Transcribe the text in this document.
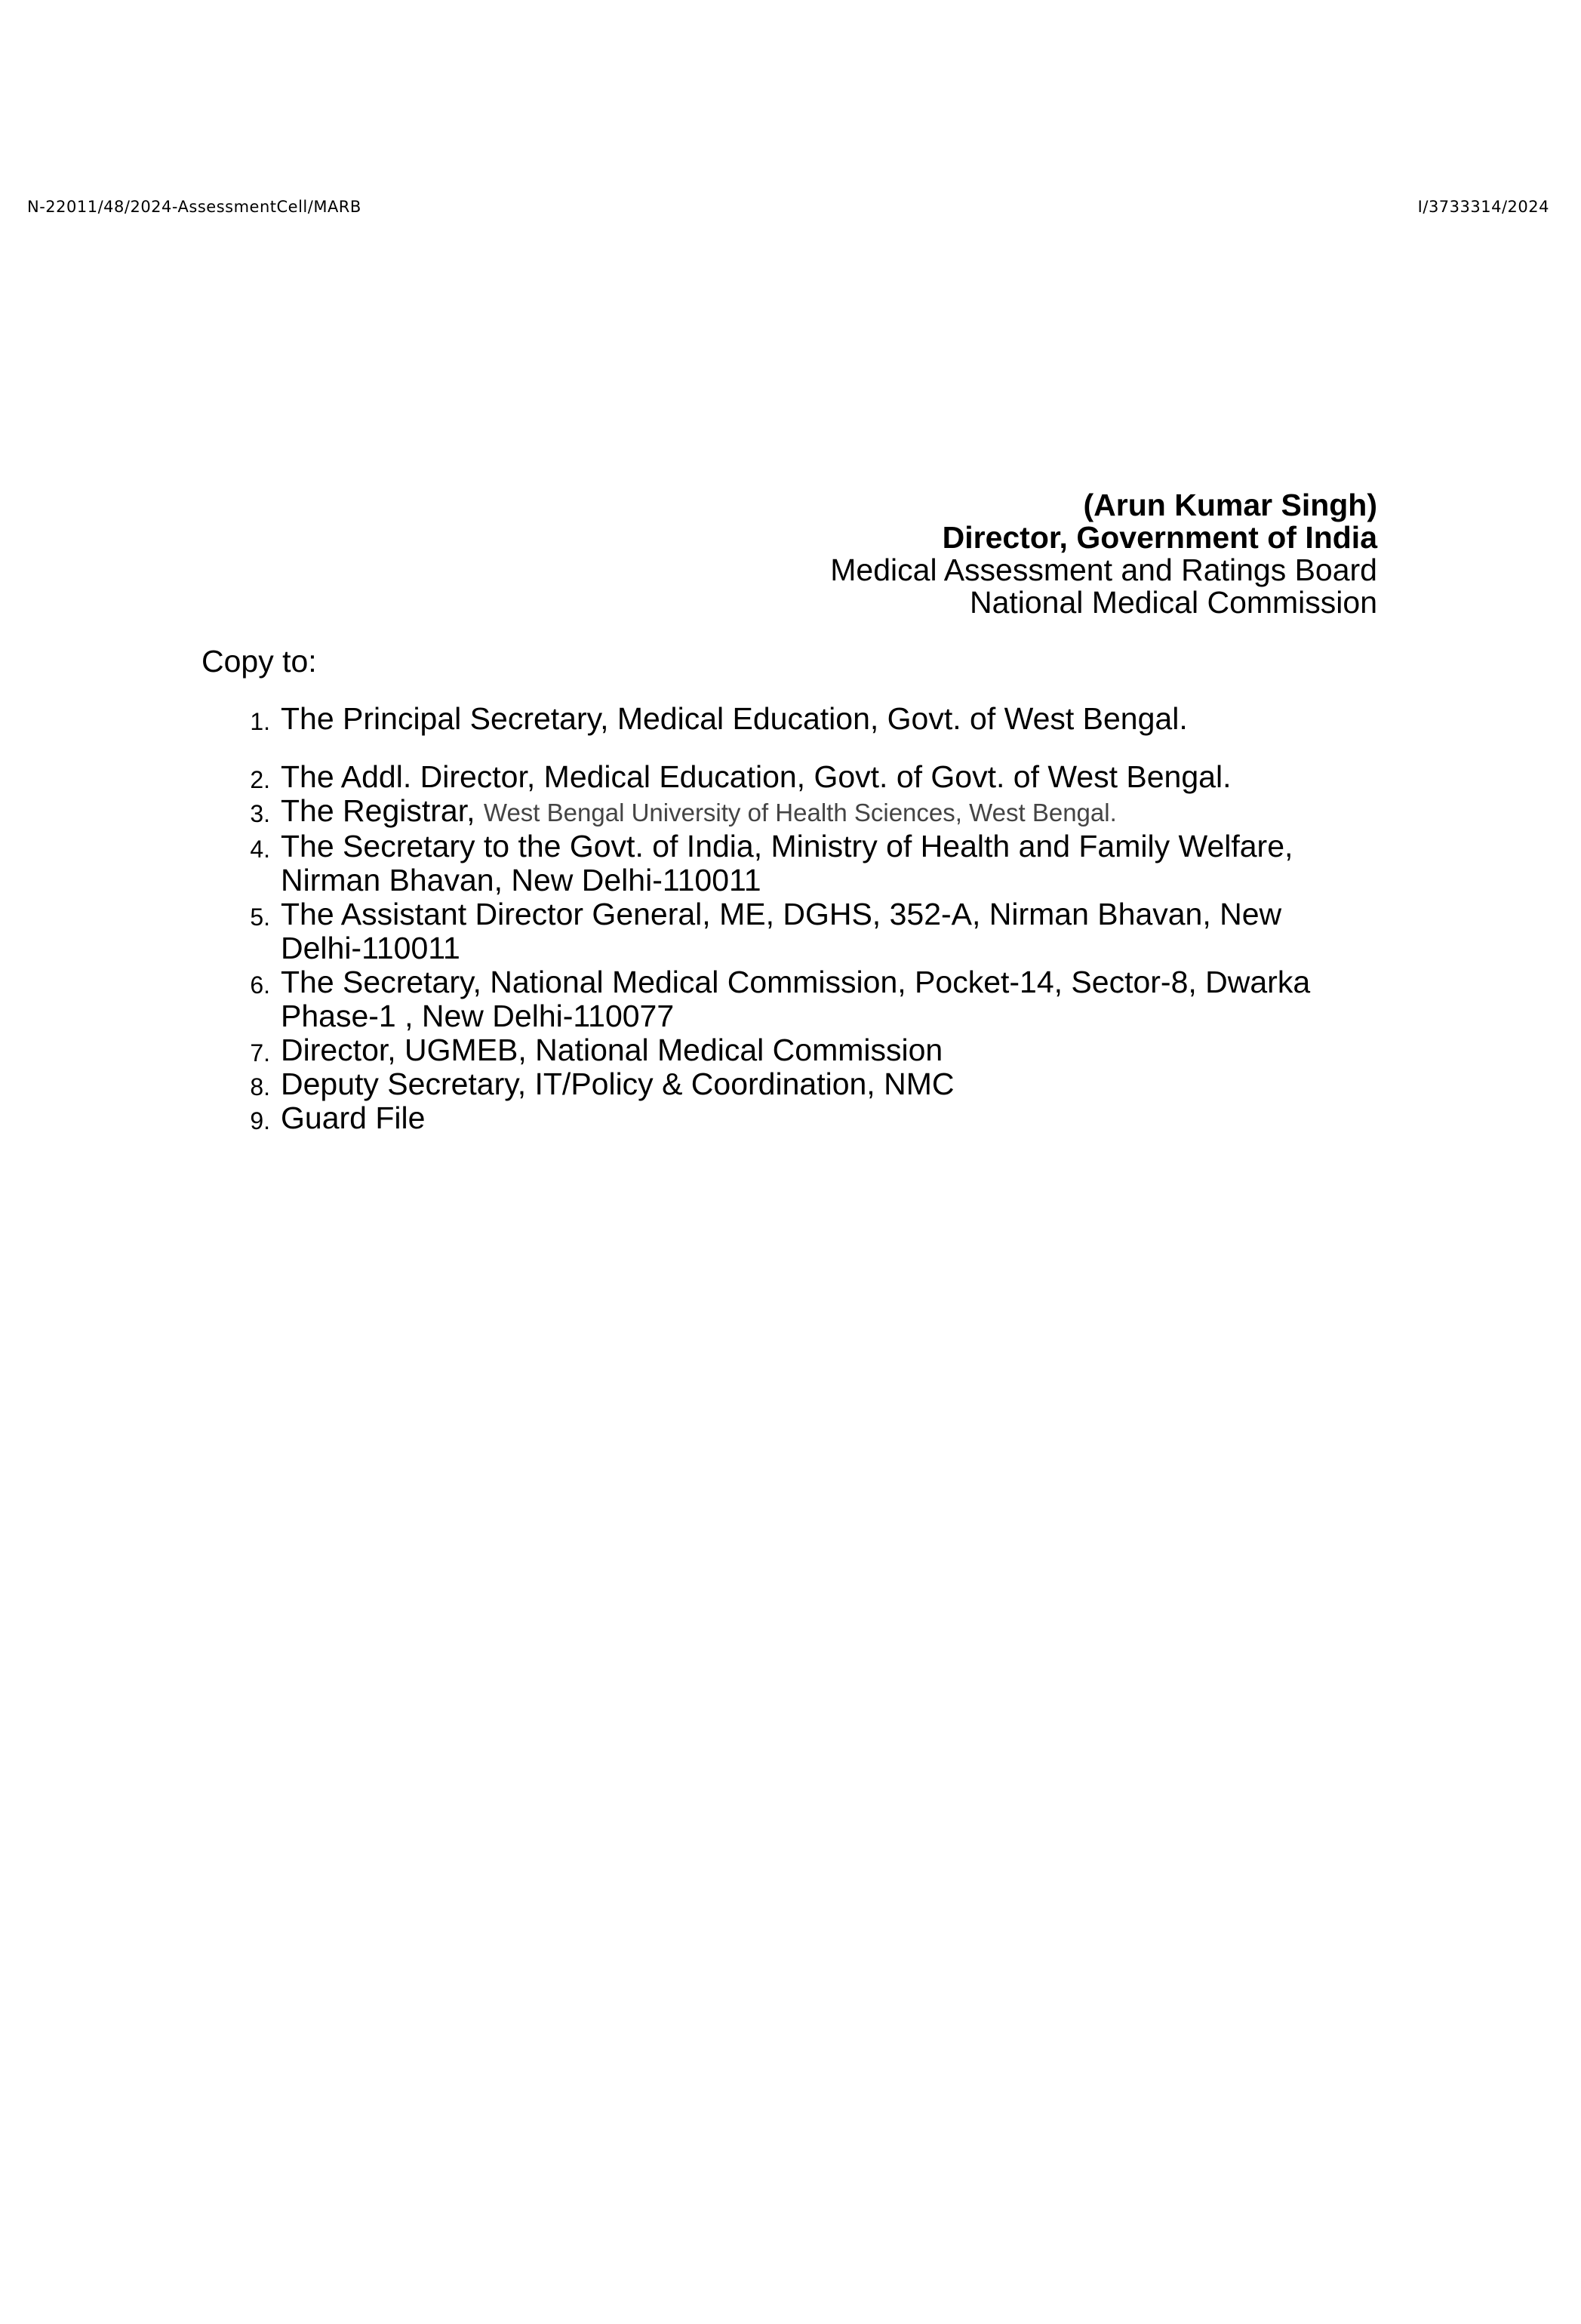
N-22011/48/2024-AssessmentCell/MARB	I/3733314/2024
(Arun Kumar Singh)
Director, Government of India
Medical Assessment and Ratings Board
National Medical Commission
Copy to:
1. The Principal Secretary, Medical Education, Govt. of West Bengal.
2. The Addl. Director, Medical Education, Govt. of Govt. of West Bengal.
3. The Registrar, West Bengal University of Health Sciences, West Bengal.
4. The Secretary to the Govt. of India, Ministry of Health and Family Welfare,
Nirman Bhavan, New Delhi-110011
5. The Assistant Director General, ME, DGHS, 352-A, Nirman Bhavan, New
Delhi-110011
6. The Secretary, National Medical Commission, Pocket-14, Sector-8, Dwarka
Phase-1 , New Delhi-110077
7. Director, UGMEB, National Medical Commission
8. Deputy Secretary, IT/Policy & Coordination, NMC
9. Guard File
